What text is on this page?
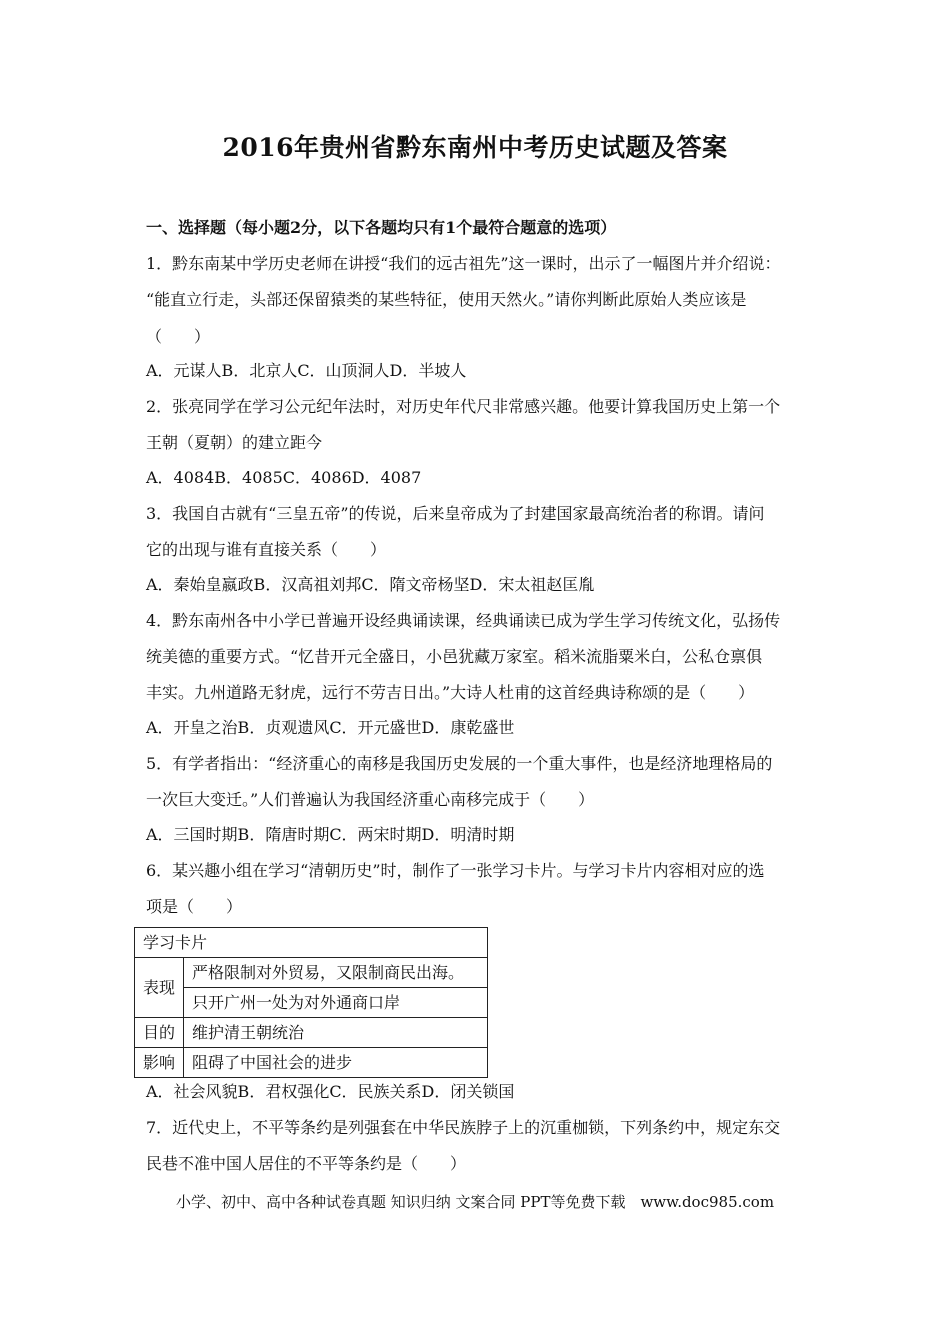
2016年贵州省黔东南州中考历史试题及答案
一、选择题（每小题2分，以下各题均只有1个最符合题意的选项）
1．黔东南某中学历史老师在讲授“我们的远古祖先”这一课时，出示了一幅图片并介绍说：
“能直立行走，头部还保留猿类的某些特征，使用天然火。”请你判断此原始人类应该是
（　　）
A．元谋人B．北京人C．山顶洞人D．半坡人
2．张亮同学在学习公元纪年法时，对历史年代尺非常感兴趣。他要计算我国历史上第一个
王朝（夏朝）的建立距今
A．4084B．4085C．4086D．4087
3．我国自古就有“三皇五帝”的传说，后来皇帝成为了封建国家最高统治者的称谓。请问
它的出现与谁有直接关系（　　）
A．秦始皇嬴政B．汉高祖刘邦C．隋文帝杨坚D．宋太祖赵匡胤
4．黔东南州各中小学已普遍开设经典诵读课，经典诵读已成为学生学习传统文化，弘扬传
统美德的重要方式。“忆昔开元全盛日，小邑犹藏万家室。稻米流脂粟米白，公私仓禀俱
丰实。九州道路无豺虎，远行不劳吉日出。”大诗人杜甫的这首经典诗称颂的是（　　）
A．开皇之治B．贞观遗风C．开元盛世D．康乾盛世
5．有学者指出：“经济重心的南移是我国历史发展的一个重大事件，也是经济地理格局的
一次巨大变迁。”人们普遍认为我国经济重心南移完成于（　　）
A．三国时期B．隋唐时期C．两宋时期D．明清时期
6．某兴趣小组在学习“清朝历史”时，制作了一张学习卡片。与学习卡片内容相对应的选
项是（　　）
学习卡片	
表现	严格限制对外贸易，又限制商民出海。
	只开广州一处为对外通商口岸
目的	维护清王朝统治
影响	阻碍了中国社会的进步
A．社会风貌B．君权强化C．民族关系D．闭关锁国
7．近代史上，不平等条约是列强套在中华民族脖子上的沉重枷锁，下列条约中，规定东交
民巷不准中国人居住的不平等条约是（　　）
小学、初中、高中各种试卷真题 知识归纳 文案合同 PPT等免费下载　www.doc985.com
